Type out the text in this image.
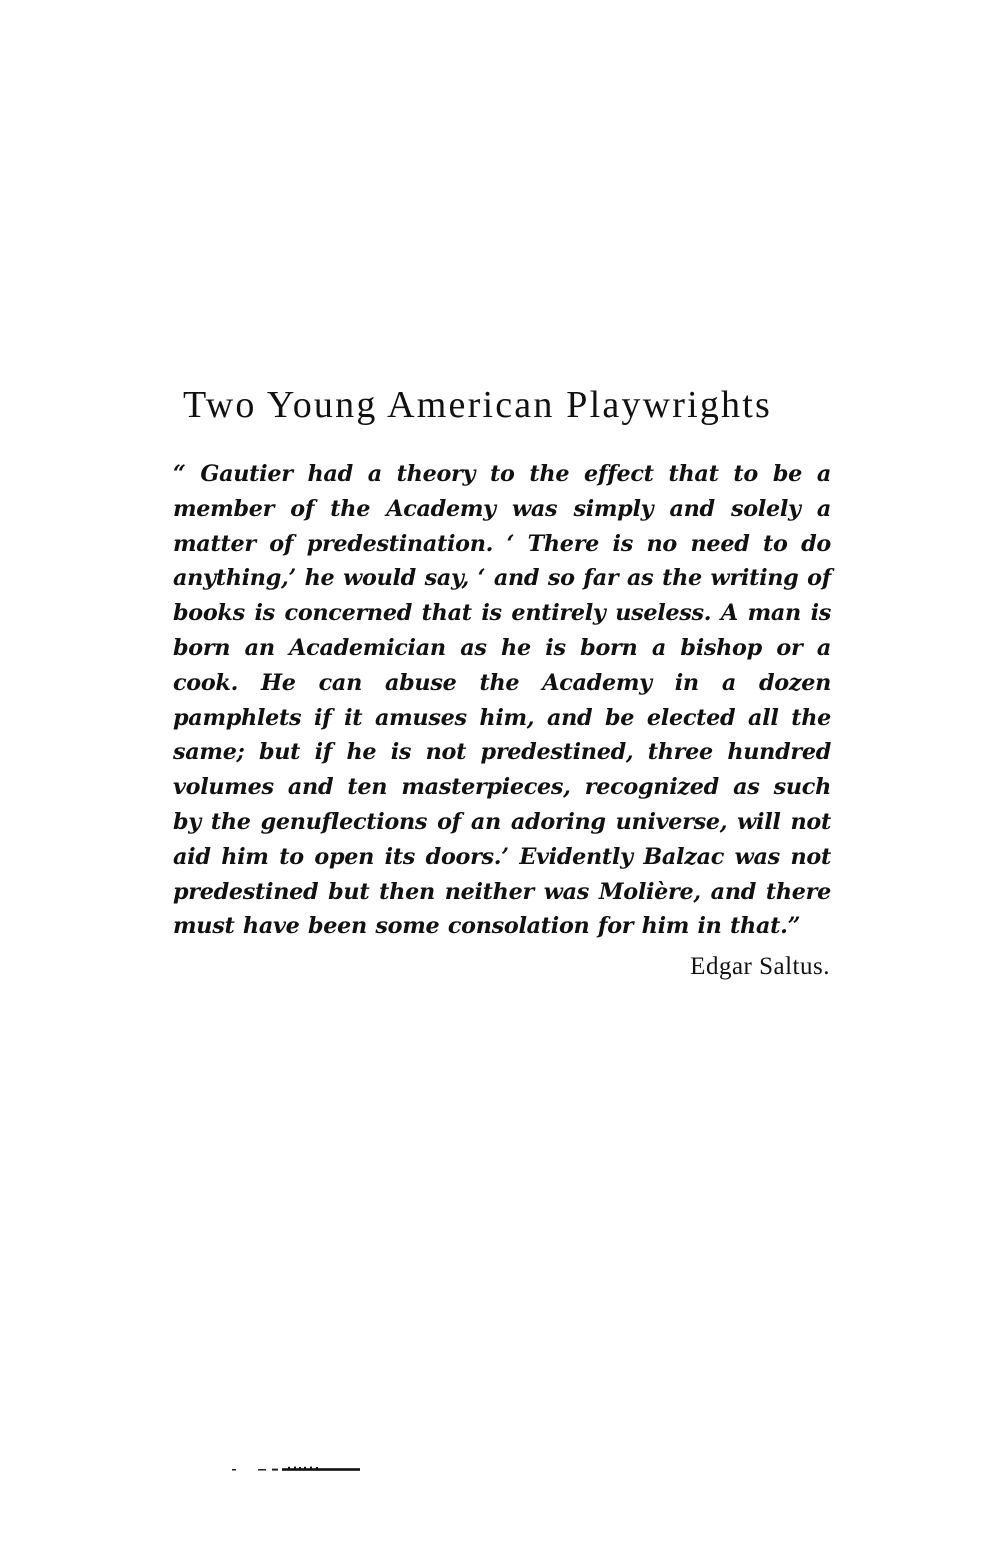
Two Young American Playwrights

“ Gautier had a theory to the effect that to be a member of the Academy was simply and solely a matter of predestination. ‘ There is no need to do anything,’ he would say, ‘ and so far as the writing of books is concerned that is entirely useless. A man is born an Academician as he is born a bishop or a cook. He can abuse the Academy in a dozen pamphlets if it amuses him, and be elected all the same; but if he is not predestined, three hundred volumes and ten masterpieces, recognized as such by the genuflections of an adoring universe, will not aid him to open its doors.’ Evidently Balzac was not predestined but then neither was Molière, and there must have been some consolation for him in that.”

Edgar Saltus.
